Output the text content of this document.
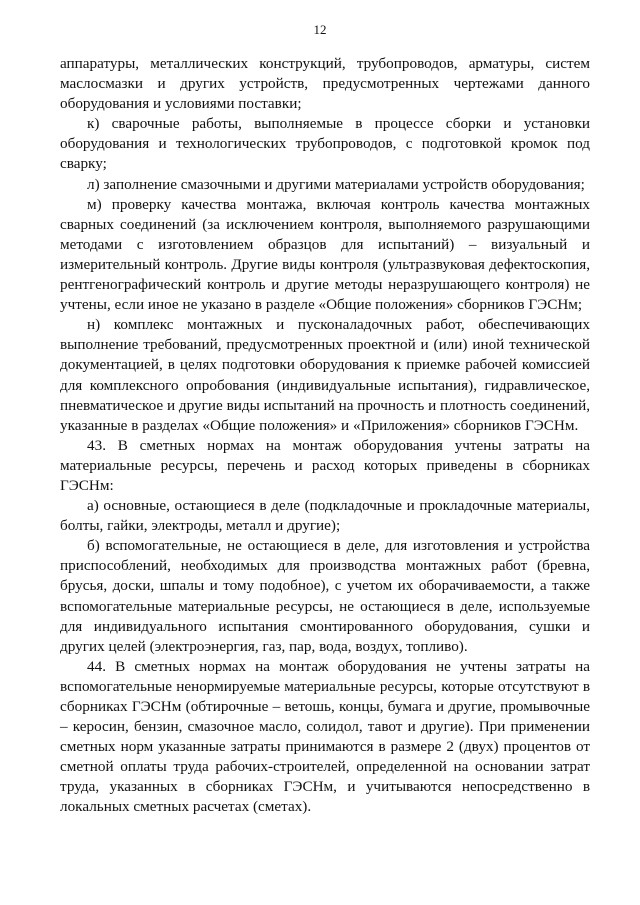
12

аппаратуры, металлических конструкций, трубопроводов, арматуры, систем маслосмазки и других устройств, предусмотренных чертежами данного оборудования и условиями поставки;

к) сварочные работы, выполняемые в процессе сборки и установки оборудования и технологических трубопроводов, с подготовкой кромок под сварку;

л) заполнение смазочными и другими материалами устройств оборудования;

м) проверку качества монтажа, включая контроль качества монтажных сварных соединений (за исключением контроля, выполняемого разрушающими методами с изготовлением образцов для испытаний) – визуальный и измерительный контроль. Другие виды контроля (ультразвуковая дефектоскопия, рентгенографический контроль и другие методы неразрушающего контроля) не учтены, если иное не указано в разделе «Общие положения» сборников ГЭСНм;

н) комплекс монтажных и пусконаладочных работ, обеспечивающих выполнение требований, предусмотренных проектной и (или) иной технической документацией, в целях подготовки оборудования к приемке рабочей комиссией для комплексного опробования (индивидуальные испытания), гидравлическое, пневматическое и другие виды испытаний на прочность и плотность соединений, указанные в разделах «Общие положения» и «Приложения» сборников ГЭСНм.

43. В сметных нормах на монтаж оборудования учтены затраты на материальные ресурсы, перечень и расход которых приведены в сборниках ГЭСНм:

а) основные, остающиеся в деле (подкладочные и прокладочные материалы, болты, гайки, электроды, металл и другие);

б) вспомогательные, не остающиеся в деле, для изготовления и устройства приспособлений, необходимых для производства монтажных работ (бревна, брусья, доски, шпалы и тому подобное), с учетом их оборачиваемости, а также вспомогательные материальные ресурсы, не остающиеся в деле, используемые для индивидуального испытания смонтированного оборудования, сушки и других целей (электроэнергия, газ, пар, вода, воздух, топливо).

44. В сметных нормах на монтаж оборудования не учтены затраты на вспомогательные ненормируемые материальные ресурсы, которые отсутствуют в сборниках ГЭСНм (обтирочные – ветошь, концы, бумага и другие, промывочные – керосин, бензин, смазочное масло, солидол, тавот и другие). При применении сметных норм указанные затраты принимаются в размере 2 (двух) процентов от сметной оплаты труда рабочих-строителей, определенной на основании затрат труда, указанных в сборниках ГЭСНм, и учитываются непосредственно в локальных сметных расчетах (сметах).
